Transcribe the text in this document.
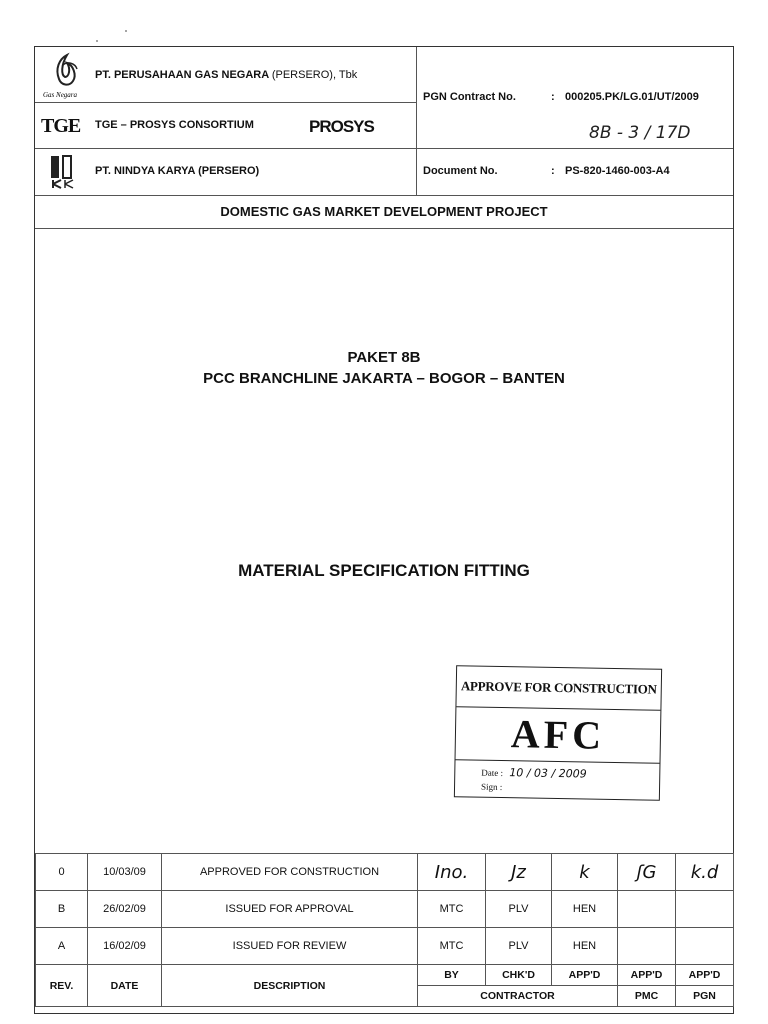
Gas Negara
PT. PERUSAHAAN GAS NEGARA (PERSERO), Tbk
TGE TGE – PROSYS CONSORTIUM	PROSYS
PT. NINDYA KARYA (PERSERO)
PGN Contract No.	: 000205.PK/LG.01/UT/2009
8B - 3 / 17D
Document No.	: PS-820-1460-003-A4
DOMESTIC GAS MARKET DEVELOPMENT PROJECT
PAKET 8B
PCC BRANCHLINE JAKARTA – BOGOR – BANTEN
MATERIAL SPECIFICATION FITTING
APPROVE FOR CONSTRUCTION
AFC
Date : 10 / 03 / 2009
Sign :
0	10/03/09	APPROVED FOR CONSTRUCTION	Ino.	Jz	k	ʃG	k.d
B	26/02/09	ISSUED FOR APPROVAL	MTC	PLV	HEN		
A	16/02/09	ISSUED FOR REVIEW	MTC	PLV	HEN		
REV.	DATE	DESCRIPTION	BY	CHK'D	APP'D	APP'D	APP'D
			CONTRACTOR			PMC	PGN
